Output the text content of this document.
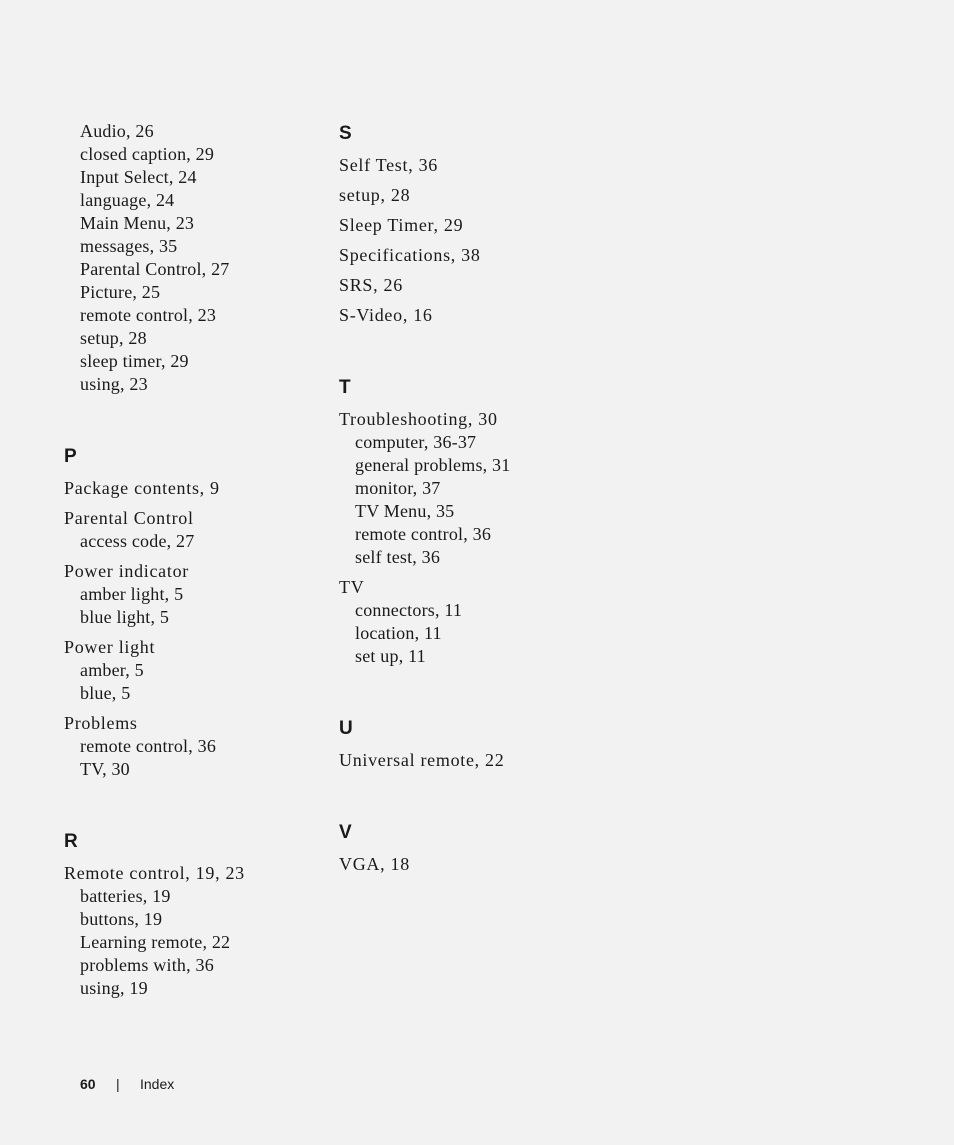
Audio, 26
closed caption, 29
Input Select, 24
language, 24
Main Menu, 23
messages, 35
Parental Control, 27
Picture, 25
remote control, 23
setup, 28
sleep timer, 29
using, 23
P
Package contents, 9
Parental Control
access code, 27
Power indicator
amber light, 5
blue light, 5
Power light
amber, 5
blue, 5
Problems
remote control, 36
TV, 30
R
Remote control, 19, 23
batteries, 19
buttons, 19
Learning remote, 22
problems with, 36
using, 19
S
Self Test, 36
setup, 28
Sleep Timer, 29
Specifications, 38
SRS, 26
S-Video, 16
T
Troubleshooting, 30
computer, 36-37
general problems, 31
monitor, 37
TV Menu, 35
remote control, 36
self test, 36
TV
connectors, 11
location, 11
set up, 11
U
Universal remote, 22
V
VGA, 18
60 | Index
